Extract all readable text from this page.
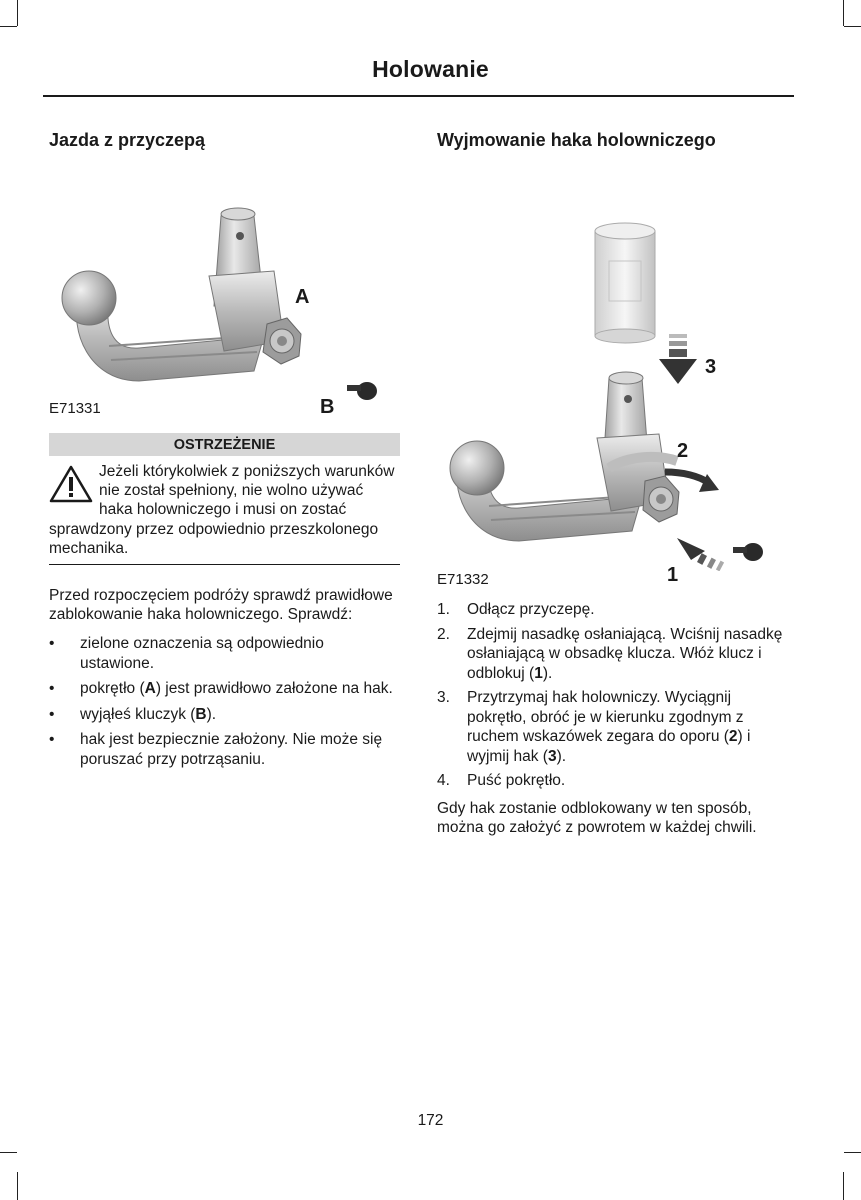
Holowanie
Jazda z przyczepą
A
B
E71331
OSTRZEŻENIE
Jeżeli którykolwiek z poniższych warunków nie został spełniony, nie wolno używać haka holowniczego i musi on zostać sprawdzony przez odpowiednio przeszkolonego mechanika.

Przed rozpoczęciem podróży sprawdź prawidłowe zablokowanie haka holowniczego. Sprawdź:

• zielone oznaczenia są odpowiednio ustawione.
• pokrętło (A) jest prawidłowo założone na hak.
• wyjąłeś kluczyk (B).
• hak jest bezpiecznie założony. Nie może się poruszać przy potrząsaniu.
Wyjmowanie haka holowniczego
3
2
1
E71332
1. Odłącz przyczepę.
2. Zdejmij nasadkę osłaniającą. Wciśnij nasadkę osłaniającą w obsadkę klucza. Włóż klucz i odblokuj (1).
3. Przytrzymaj hak holowniczy. Wyciągnij pokrętło, obróć je w kierunku zgodnym z ruchem wskazówek zegara do oporu (2) i wyjmij hak (3).
4. Puść pokrętło.

Gdy hak zostanie odblokowany w ten sposób, można go założyć z powrotem w każdej chwili.

172
